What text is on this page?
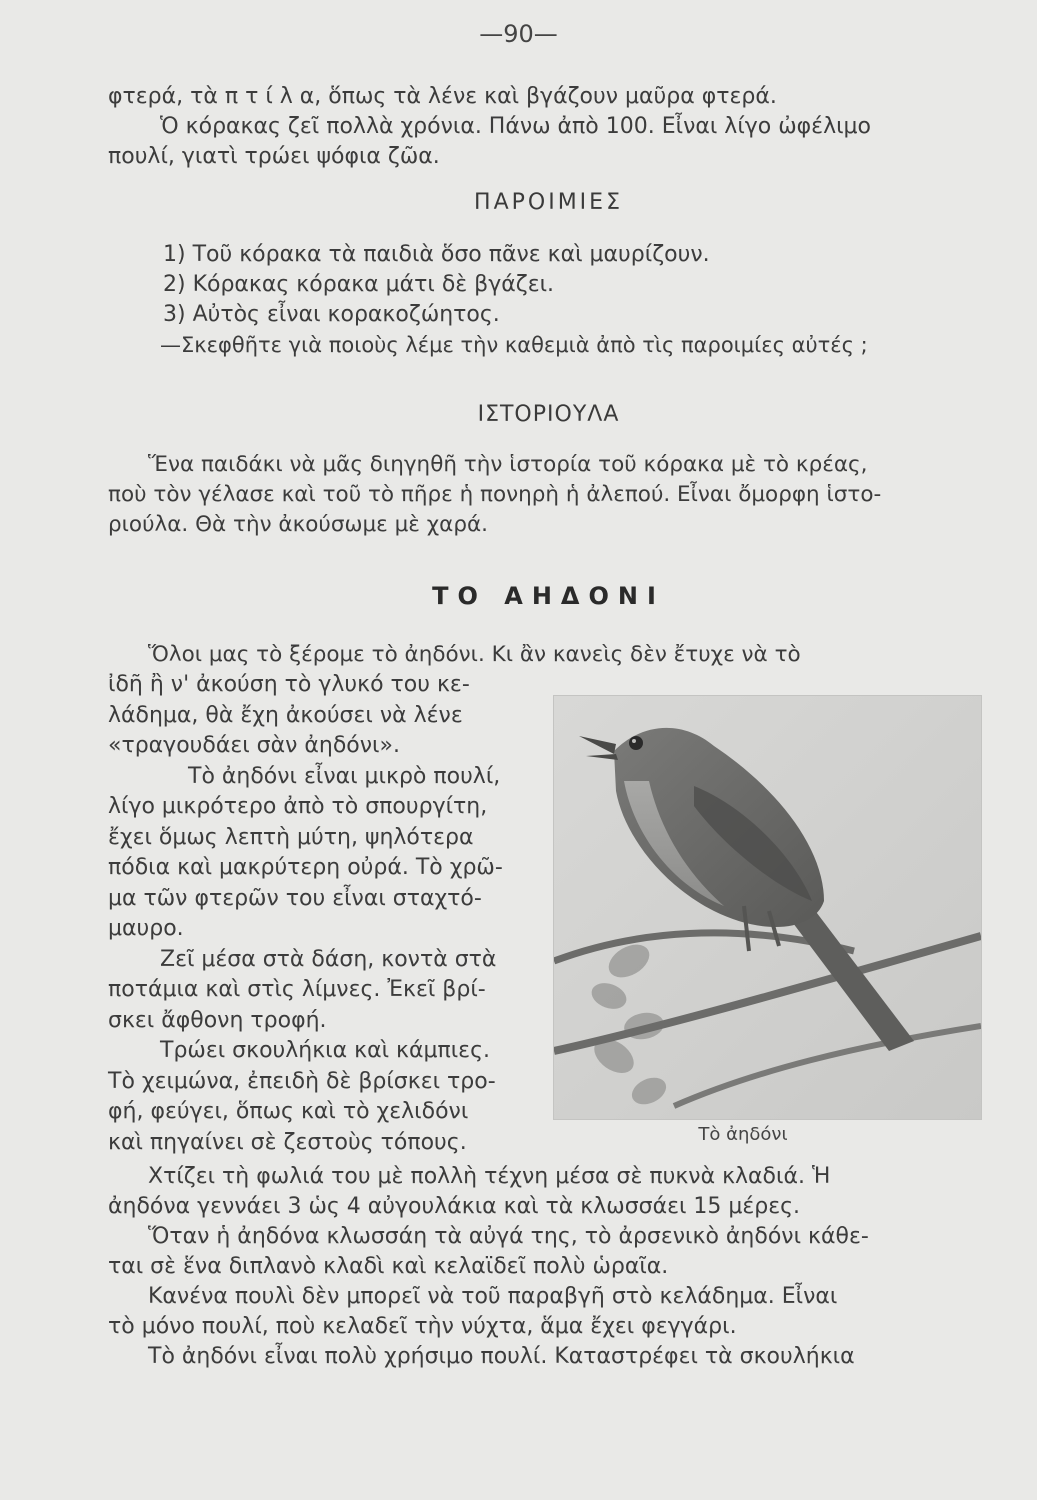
—90—
φτερά, τὰ π τ ί λ α, ὅπως τὰ λένε καὶ βγάζουν μαῦρα φτερά.
Ὁ κόρακας ζεῖ πολλὰ χρόνια. Πάνω ἀπὸ 100. Εἶναι λίγο ὠφέλιμο
πουλί, γιατὶ τρώει ψόφια ζῶα.
ΠΑΡΟΙΜΙΕΣ
1) Τοῦ κόρακα τὰ παιδιὰ ὅσο πᾶνε καὶ μαυρίζουν.
2) Κόρακας κόρακα μάτι δὲ βγάζει.
3) Αὐτὸς εἶναι κορακοζώητος.
—Σκεφθῆτε γιὰ ποιοὺς λέμε τὴν καθεμιὰ ἀπὸ τὶς παροιμίες αὐτές ;
ΙΣΤΟΡΙΟΥΛΑ
Ἕνα παιδάκι νὰ μᾶς διηγηθῆ τὴν ἱστορία τοῦ κόρακα μὲ τὸ κρέας,
ποὺ τὸν γέλασε καὶ τοῦ τὸ πῆρε ἡ πονηρὴ ἡ ἀλεπού. Εἶναι ὄμορφη ἱστο-
ριούλα. Θὰ τὴν ἀκούσωμε μὲ χαρά.
ΤΟ ΑΗΔΟΝΙ
Ὅλοι μας τὸ ξέρομε τὸ ἀηδόνι. Κι ἂν κανεὶς δὲν ἔτυχε νὰ τὸ
ἰδῆ ἢ ν' ἀκούση τὸ γλυκό του κε-
λάδημα, θὰ ἔχη ἀκούσει νὰ λένε
«τραγουδάει σὰν ἀηδόνι».
Τὸ ἀηδόνι εἶναι μικρὸ πουλί,
λίγο μικρότερο ἀπὸ τὸ σπουργίτη,
ἔχει ὅμως λεπτὴ μύτη, ψηλότερα
πόδια καὶ μακρύτερη οὐρά. Τὸ χρῶ-
μα τῶν φτερῶν του εἶναι σταχτό-
μαυρο.
Ζεῖ μέσα στὰ δάση, κοντὰ στὰ
ποτάμια καὶ στὶς λίμνες. Ἐκεῖ βρί-
σκει ἄφθονη τροφή.
Τρώει σκουλήκια καὶ κάμπιες.
Τὸ χειμώνα, ἐπειδὴ δὲ βρίσκει τρο-
φή, φεύγει, ὅπως καὶ τὸ χελιδόνι
καὶ πηγαίνει σὲ ζεστοὺς τόπους.	Τὸ ἀηδόνι
Χτίζει τὴ φωλιά του μὲ πολλὴ τέχνη μέσα σὲ πυκνὰ κλαδιά. Ἡ
ἀηδόνα γεννάει 3 ὡς 4 αὐγουλάκια καὶ τὰ κλωσσάει 15 μέρες.
Ὅταν ἡ ἀηδόνα κλωσσάη τὰ αὐγά της, τὸ ἀρσενικὸ ἀηδόνι κάθε-
ται σὲ ἕνα διπλανὸ κλαδὶ καὶ κελαϊδεῖ πολὺ ὡραῖα.
Κανένα πουλὶ δὲν μπορεῖ νὰ τοῦ παραβγῆ στὸ κελάδημα. Εἶναι
τὸ μόνο πουλί, ποὺ κελαδεῖ τὴν νύχτα, ἅμα ἔχει φεγγάρι.
Τὸ ἀηδόνι εἶναι πολὺ χρήσιμο πουλί. Καταστρέφει τὰ σκουλήκια
